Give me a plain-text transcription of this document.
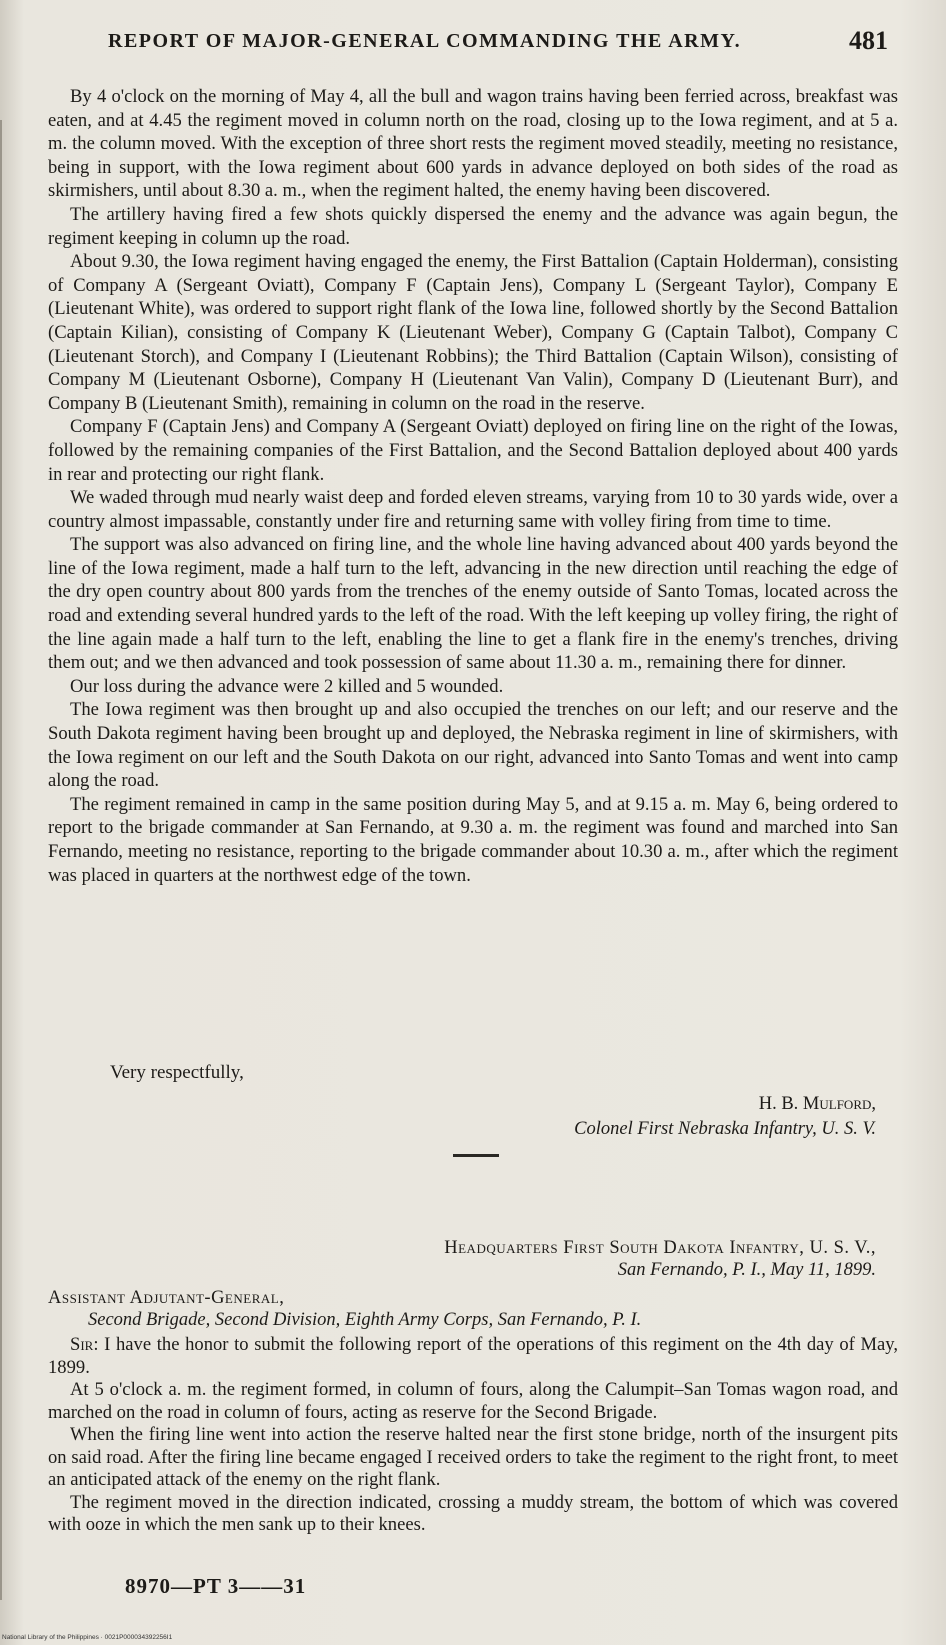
REPORT OF MAJOR-GENERAL COMMANDING THE ARMY.	481

By 4 o'clock on the morning of May 4, all the bull and wagon trains having been ferried across, breakfast was eaten, and at 4.45 the regiment moved in column north on the road, closing up to the Iowa regiment, and at 5 a. m. the column moved. With the exception of three short rests the regiment moved steadily, meeting no resistance, being in support, with the Iowa regiment about 600 yards in advance deployed on both sides of the road as skirmishers, until about 8.30 a. m., when the regiment halted, the enemy having been discovered.

The artillery having fired a few shots quickly dispersed the enemy and the advance was again begun, the regiment keeping in column up the road.

About 9.30, the Iowa regiment having engaged the enemy, the First Battalion (Captain Holderman), consisting of Company A (Sergeant Oviatt), Company F (Captain Jens), Company L (Sergeant Taylor), Company E (Lieutenant White), was ordered to support right flank of the Iowa line, followed shortly by the Second Battalion (Captain Kilian), consisting of Company K (Lieutenant Weber), Company G (Captain Talbot), Company C (Lieutenant Storch), and Company I (Lieutenant Robbins); the Third Battalion (Captain Wilson), consisting of Company M (Lieutenant Osborne), Company H (Lieutenant Van Valin), Company D (Lieutenant Burr), and Company B (Lieutenant Smith), remaining in column on the road in the reserve.

Company F (Captain Jens) and Company A (Sergeant Oviatt) deployed on firing line on the right of the Iowas, followed by the remaining companies of the First Battalion, and the Second Battalion deployed about 400 yards in rear and protecting our right flank.

We waded through mud nearly waist deep and forded eleven streams, varying from 10 to 30 yards wide, over a country almost impassable, constantly under fire and returning same with volley firing from time to time.

The support was also advanced on firing line, and the whole line having advanced about 400 yards beyond the line of the Iowa regiment, made a half turn to the left, advancing in the new direction until reaching the edge of the dry open country about 800 yards from the trenches of the enemy outside of Santo Tomas, located across the road and extending several hundred yards to the left of the road. With the left keeping up volley firing, the right of the line again made a half turn to the left, enabling the line to get a flank fire in the enemy's trenches, driving them out; and we then advanced and took possession of same about 11.30 a. m., remaining there for dinner.

Our loss during the advance were 2 killed and 5 wounded.

The Iowa regiment was then brought up and also occupied the trenches on our left; and our reserve and the South Dakota regiment having been brought up and deployed, the Nebraska regiment in line of skirmishers, with the Iowa regiment on our left and the South Dakota on our right, advanced into Santo Tomas and went into camp along the road.

The regiment remained in camp in the same position during May 5, and at 9.15 a. m. May 6, being ordered to report to the brigade commander at San Fernando, at 9.30 a. m. the regiment was found and marched into San Fernando, meeting no resistance, reporting to the brigade commander about 10.30 a. m., after which the regiment was placed in quarters at the northwest edge of the town.

Very respectfully,
H. B. Mulford,
Colonel First Nebraska Infantry, U. S. V.
Headquarters First South Dakota Infantry, U. S. V.,
San Fernando, P. I., May 11, 1899.
Assistant Adjutant-General,
Second Brigade, Second Division, Eighth Army Corps, San Fernando, P. I.

Sir: I have the honor to submit the following report of the operations of this regiment on the 4th day of May, 1899.

At 5 o'clock a. m. the regiment formed, in column of fours, along the Calumpit–San Tomas wagon road, and marched on the road in column of fours, acting as reserve for the Second Brigade.

When the firing line went into action the reserve halted near the first stone bridge, north of the insurgent pits on said road. After the firing line became engaged I received orders to take the regiment to the right front, to meet an anticipated attack of the enemy on the right flank.

The regiment moved in the direction indicated, crossing a muddy stream, the bottom of which was covered with ooze in which the men sank up to their knees.

8970—PT 3——31
National Library of the Philippines · 0021P000034392256I1
